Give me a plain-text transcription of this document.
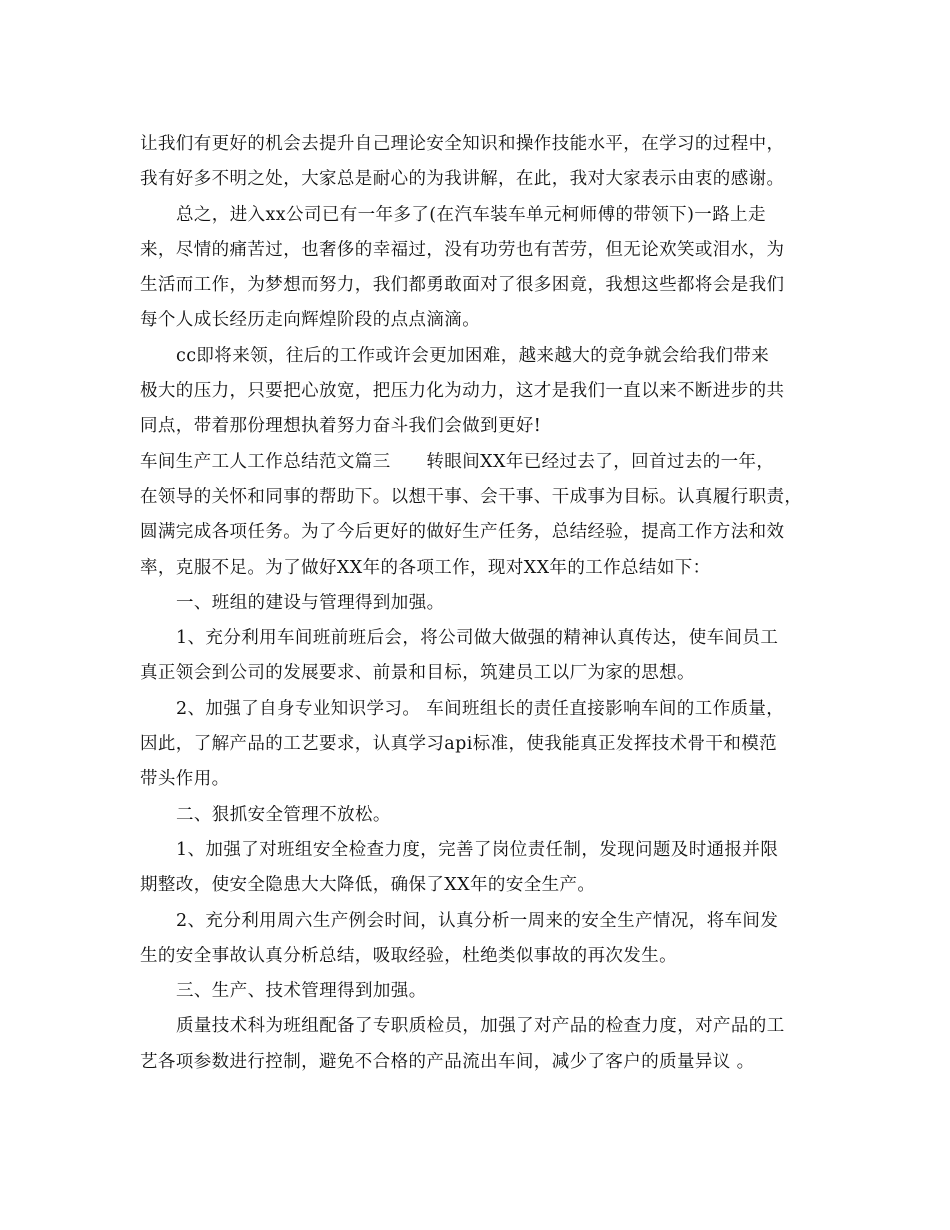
让我们有更好的机会去提升自己理论安全知识和操作技能水平，在学习的过程中，
我有好多不明之处，大家总是耐心的为我讲解，在此，我对大家表示由衷的感谢。
总之，进入xx公司已有一年多了(在汽车装车单元柯师傅的带领下)一路上走
来，尽情的痛苦过，也奢侈的幸福过，没有功劳也有苦劳，但无论欢笑或泪水，为
生活而工作，为梦想而努力，我们都勇敢面对了很多困竟，我想这些都将会是我们
每个人成长经历走向辉煌阶段的点点滴滴。
cc即将来领，往后的工作或许会更加困难，越来越大的竞争就会给我们带来
极大的压力，只要把心放宽，把压力化为动力，这才是我们一直以来不断进步的共
同点，带着那份理想执着努力奋斗我们会做到更好!
车间生产工人工作总结范文篇三　　转眼间XX年已经过去了，回首过去的一年，
在领导的关怀和同事的帮助下。以想干事、会干事、干成事为目标。认真履行职责，
圆满完成各项任务。为了今后更好的做好生产任务，总结经验，提高工作方法和效
率，克服不足。为了做好XX年的各项工作，现对XX年的工作总结如下：
一、班组的建设与管理得到加强。
1、充分利用车间班前班后会，将公司做大做强的精神认真传达，使车间员工
真正领会到公司的发展要求、前景和目标，筑建员工以厂为家的思想。
2、加强了自身专业知识学习。 车间班组长的责任直接影响车间的工作质量，
因此，了解产品的工艺要求，认真学习api标准，使我能真正发挥技术骨干和模范
带头作用。
二、狠抓安全管理不放松。
1、加强了对班组安全检查力度，完善了岗位责任制，发现问题及时通报并限
期整改，使安全隐患大大降低，确保了XX年的安全生产。
2、充分利用周六生产例会时间，认真分析一周来的安全生产情况，将车间发
生的安全事故认真分析总结，吸取经验，杜绝类似事故的再次发生。
三、生产、技术管理得到加强。
质量技术科为班组配备了专职质检员，加强了对产品的检查力度，对产品的工
艺各项参数进行控制，避免不合格的产品流出车间，减少了客户的质量异议 。
